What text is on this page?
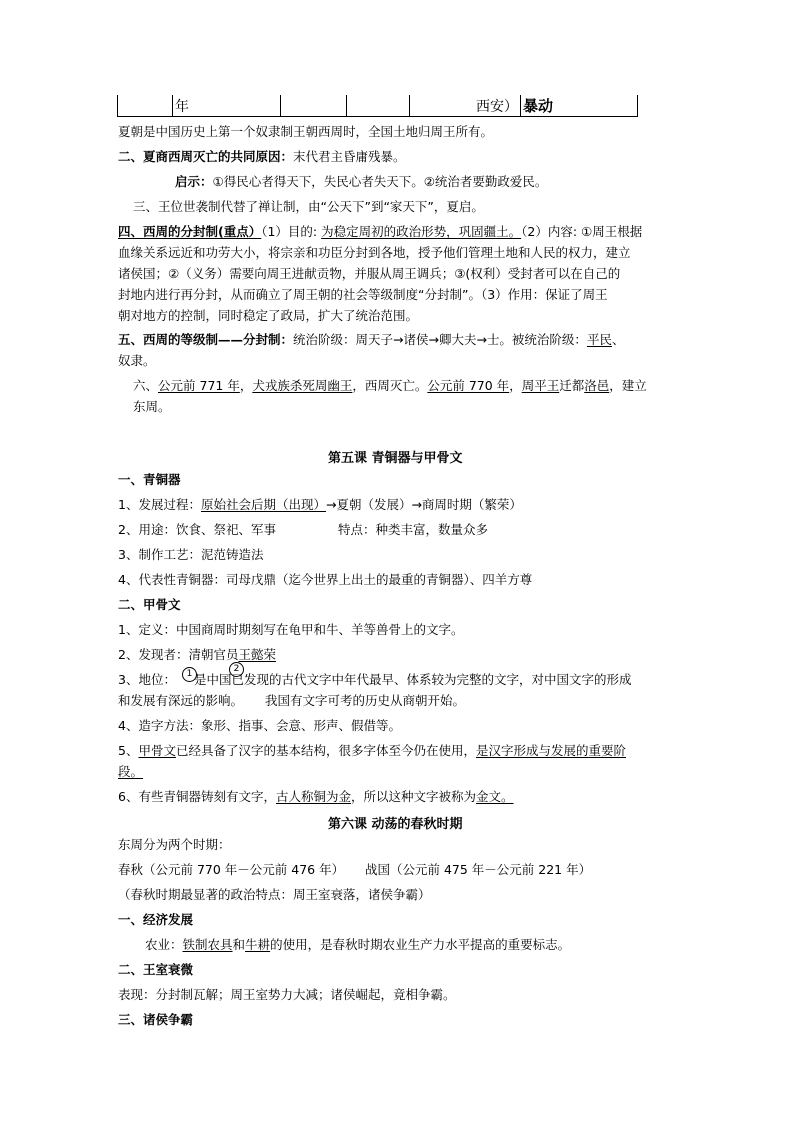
	年			西安）	暴动
夏朝是中国历史上第一个奴隶制王朝西周时，全国土地归周王所有。
二、夏商西周灭亡的共同原因：末代君主昏庸残暴。
启示：①得民心者得天下，失民心者失天下。②统治者要勤政爱民。
三、王位世袭制代替了禅让制，由“公天下”到“家天下”，夏启。
四、西周的分封制(重点）（1）目的: 为稳定周初的政治形势，巩固疆土。（2）内容: ①周王根据
血缘关系远近和功劳大小，将宗亲和功臣分封到各地，授予他们管理土地和人民的权力，建立
诸侯国；②（义务）需要向周王进献贡物，并服从周王调兵；③(权利）受封者可以在自己的
封地内进行再分封，从而确立了周王朝的社会等级制度“分封制”。（3）作用：保证了周王
朝对地方的控制，同时稳定了政局，扩大了统治范围。
五、西周的等级制——分封制：统治阶级：周天子→诸侯→卿大夫→士。被统治阶级：平民、
奴隶。
六、公元前 771 年，犬戎族杀死周幽王，西周灭亡。公元前 770 年，周平王迁都洛邑，建立
东周。
第五课 青铜器与甲骨文
一、青铜器
1、发展过程：原始社会后期（出现）→夏朝（发展）→商周时期（繁荣）
2、用途：饮食、祭祀、军事	特点：种类丰富，数量众多
3、制作工艺：泥范铸造法
4、代表性青铜器：司母戊鼎（迄今世界上出土的最重的青铜器）、四羊方尊
二、甲骨文
1、定义：中国商周时期刻写在龟甲和牛、羊等兽骨上的文字。
2、发现者：清朝官员王懿荣
1	2
3、地位： 是中国已发现的古代文字中年代最早、体系较为完整的文字，对中国文字的形成
和发展有深远的影响。 我国有文字可考的历史从商朝开始。
4、造字方法：象形、指事、会意、形声、假借等。
5、甲骨文已经具备了汉字的基本结构，很多字体至今仍在使用，是汉字形成与发展的重要阶
段。
6、有些青铜器铸刻有文字，古人称铜为金，所以这种文字被称为金文。
第六课 动荡的春秋时期
东周分为两个时期：
春秋（公元前 770 年－公元前 476 年） 战国（公元前 475 年－公元前 221 年）
（春秋时期最显著的政治特点：周王室衰落，诸侯争霸）
一、经济发展
农业：铁制农具和牛耕的使用，是春秋时期农业生产力水平提高的重要标志。
二、王室衰微
表现：分封制瓦解；周王室势力大减；诸侯崛起，竟相争霸。
三、诸侯争霸
